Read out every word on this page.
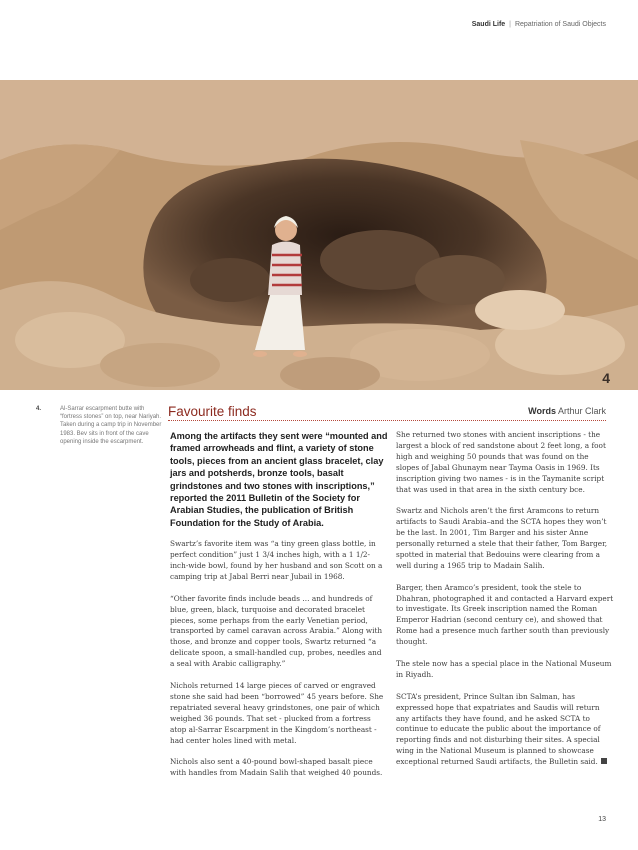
Saudi Life | Repatriation of Saudi Objects
4
4.	Al-Sarrar escarpment butte with “fortress stones” on top, near Nariyah. Taken during a camp trip in November 1983. Bev sits in front of the cave opening inside the escarpment.
Favourite finds	Words Arthur Clark

Among the artifacts they sent were “mounted and framed arrowheads and flint, a variety of stone tools, pieces from an ancient glass bracelet, clay jars and potsherds, bronze tools, basalt grindstones and two stones with inscriptions,” reported the 2011 Bulletin of the Society for Arabian Studies, the publication of British Foundation for the Study of Arabia.

Swartz’s favorite item was “a tiny green glass bottle, in perfect condition” just 1 3/4 inches high, with a 1 1/2-inch-wide bowl, found by her husband and son Scott on a camping trip at Jabal Berri near Jubail in 1968.

“Other favorite finds include beads … and hundreds of blue, green, black, turquoise and decorated bracelet pieces, some perhaps from the early Venetian period, transported by camel caravan across Arabia.” Along with those, and bronze and copper tools, Swartz returned “a delicate spoon, a small-handled cup, probes, needles and a seal with Arabic calligraphy.”

Nichols returned 14 large pieces of carved or engraved stone she said had been “borrowed” 45 years before. She repatriated several heavy grindstones, one pair of which weighed 36 pounds. That set - plucked from a fortress atop al-Sarrar Escarpment in the Kingdom’s northeast - had center holes lined with metal.

Nichols also sent a 40-pound bowl-shaped basalt piece with handles from Madain Salih that weighed 40 pounds.

She returned two stones with ancient inscriptions - the largest a block of red sandstone about 2 feet long, a foot high and weighing 50 pounds that was found on the slopes of Jabal Ghunaym near Tayma Oasis in 1969. Its inscription giving two names - is in the Taymanite script that was used in that area in the sixth century bce.

Swartz and Nichols aren’t the first Aramcons to return artifacts to Saudi Arabia–and the SCTA hopes they won’t be the last. In 2001, Tim Barger and his sister Anne personally returned a stele that their father, Tom Barger, spotted in material that Bedouins were clearing from a well during a 1965 trip to Madain Salih.

Barger, then Aramco’s president, took the stele to Dhahran, photographed it and contacted a Harvard expert to investigate. Its Greek inscription named the Roman Emperor Hadrian (second century ce), and showed that Rome had a presence much farther south than previously thought.

The stele now has a special place in the National Museum in Riyadh.

SCTA’s president, Prince Sultan ibn Salman, has expressed hope that expatriates and Saudis will return any artifacts they have found, and he asked SCTA to continue to educate the public about the importance of reporting finds and not disturbing their sites. A special wing in the National Museum is planned to showcase exceptional returned Saudi artifacts, the Bulletin said.

13
